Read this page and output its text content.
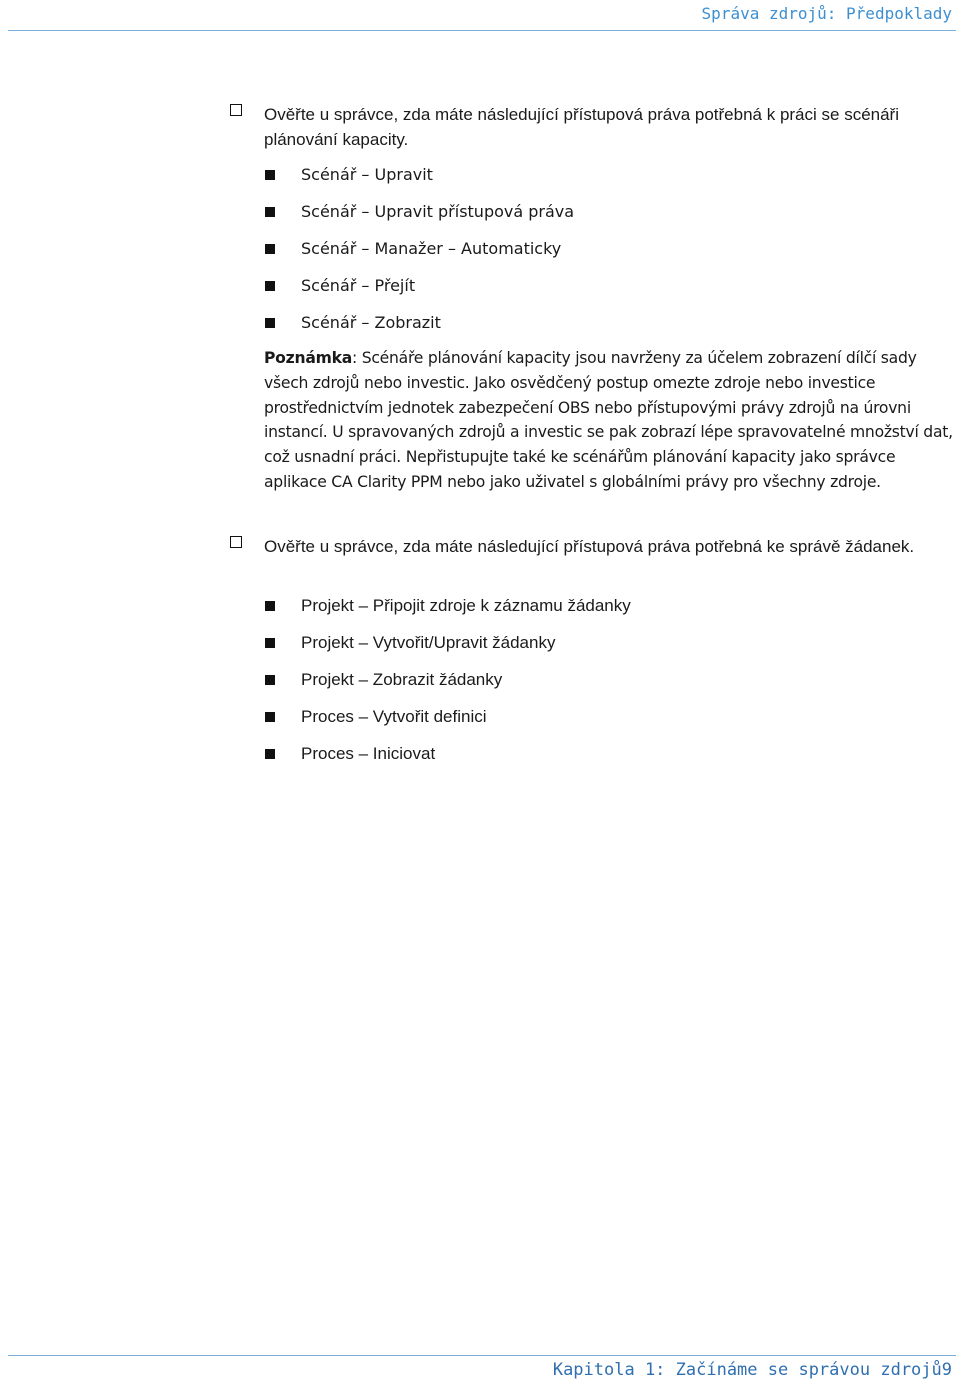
Správa zdrojů: Předpoklady
Ověřte u správce, zda máte následující přístupová práva potřebná k práci se scénáři plánování kapacity.
Scénář – Upravit
Scénář – Upravit přístupová práva
Scénář – Manažer – Automaticky
Scénář – Přejít
Scénář – Zobrazit
Poznámka: Scénáře plánování kapacity jsou navrženy za účelem zobrazení dílčí sady všech zdrojů nebo investic. Jako osvědčený postup omezte zdroje nebo investice prostřednictvím jednotek zabezpečení OBS nebo přístupovými právy zdrojů na úrovni instancí. U spravovaných zdrojů a investic se pak zobrazí lépe spravovatelné množství dat, což usnadní práci. Nepřistupujte také ke scénářům plánování kapacity jako správce aplikace CA Clarity PPM nebo jako uživatel s globálními právy pro všechny zdroje.
Ověřte u správce, zda máte následující přístupová práva potřebná ke správě žádanek.
Projekt – Připojit zdroje k záznamu žádanky
Projekt – Vytvořit/Upravit žádanky
Projekt – Zobrazit žádanky
Proces – Vytvořit definici
Proces – Iniciovat
Kapitola 1: Začínáme se správou zdrojů9
